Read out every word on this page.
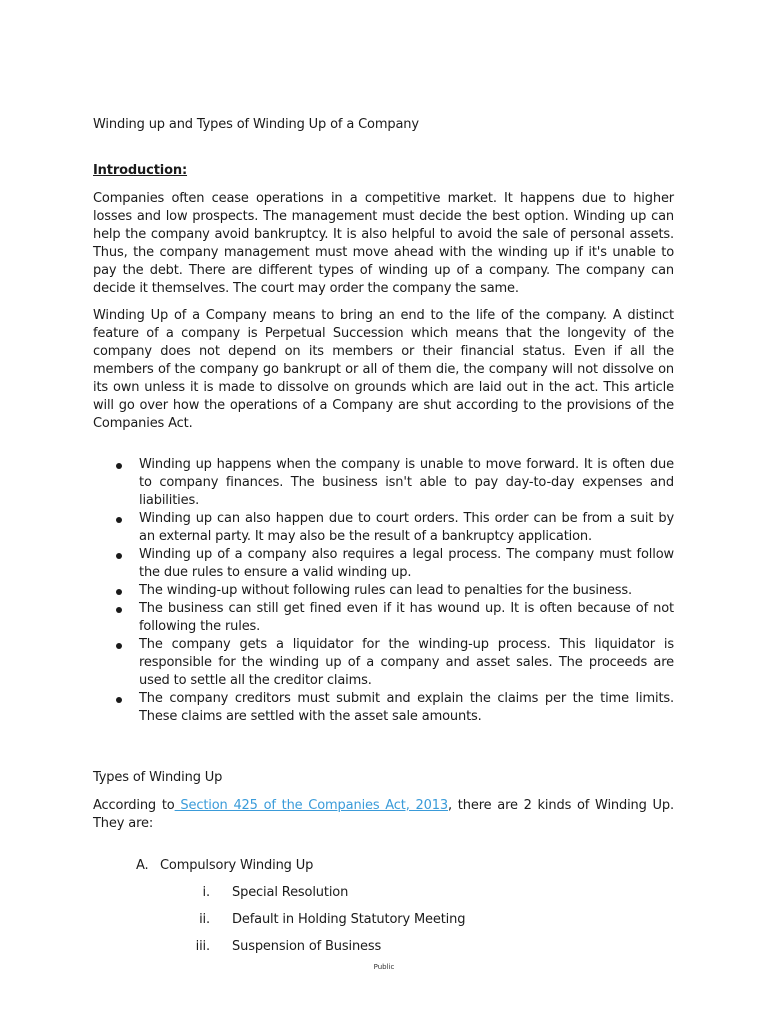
Winding up and Types of Winding Up of a Company

Introduction:

Companies often cease operations in a competitive market. It happens due to higher losses and low prospects. The management must decide the best option. Winding up can help the company avoid bankruptcy. It is also helpful to avoid the sale of personal assets. Thus, the company management must move ahead with the winding up if it's unable to pay the debt. There are different types of winding up of a company. The company can decide it themselves. The court may order the company the same.

Winding Up of a Company means to bring an end to the life of the company. A distinct feature of a company is Perpetual Succession which means that the longevity of the company does not depend on its members or their financial status. Even if all the members of the company go bankrupt or all of them die, the company will not dissolve on its own unless it is made to dissolve on grounds which are laid out in the act. This article will go over how the operations of a Company are shut according to the provisions of the Companies Act.

Winding up happens when the company is unable to move forward. It is often due to company finances. The business isn't able to pay day-to-day expenses and liabilities.
Winding up can also happen due to court orders. This order can be from a suit by an external party. It may also be the result of a bankruptcy application.
Winding up of a company also requires a legal process. The company must follow the due rules to ensure a valid winding up.
The winding-up without following rules can lead to penalties for the business.
The business can still get fined even if it has wound up. It is often because of not following the rules.
The company gets a liquidator for the winding-up process. This liquidator is responsible for the winding up of a company and asset sales. The proceeds are used to settle all the creditor claims.
The company creditors must submit and explain the claims per the time limits. These claims are settled with the asset sale amounts.

Types of Winding Up

According to Section 425 of the Companies Act, 2013, there are 2 kinds of Winding Up. They are:

A. Compulsory Winding Up
i. Special Resolution
ii. Default in Holding Statutory Meeting
iii. Suspension of Business
Public
